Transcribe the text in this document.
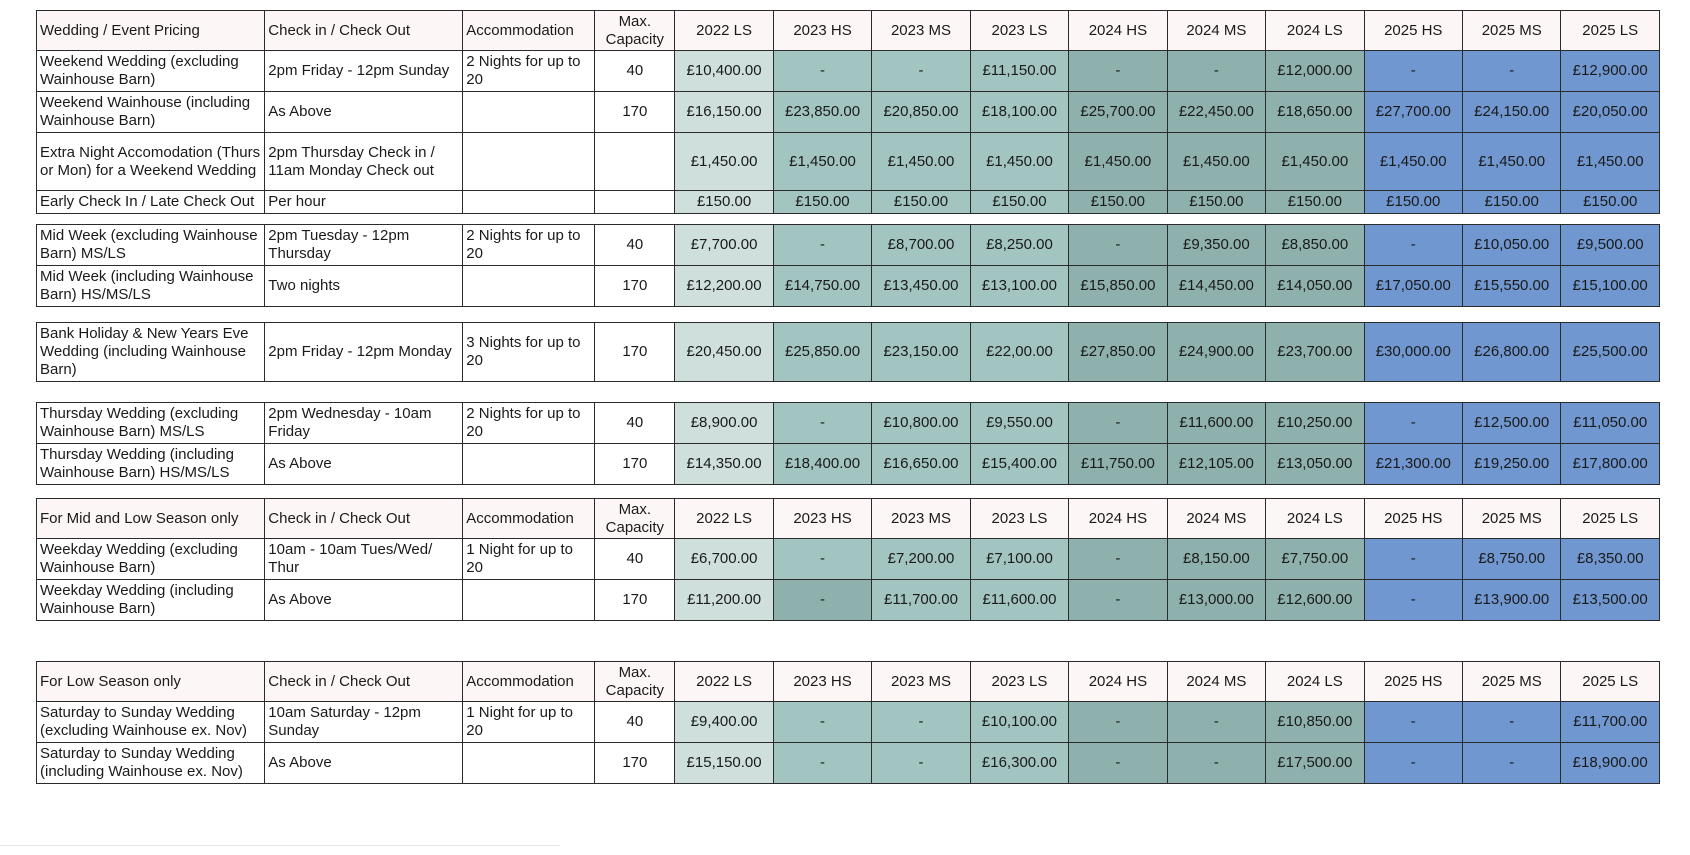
Wedding / Event Pricing	Check in / Check Out	Accommodation	Max. Capacity	2022 LS	2023 HS	2023 MS	2023 LS	2024 HS	2024 MS	2024 LS	2025 HS	2025 MS	2025 LS
Weekend Wedding (excluding Wainhouse Barn)	2pm Friday - 12pm Sunday	2 Nights for up to 20	40	£10,400.00	-	-	£11,150.00	-	-	£12,000.00	-	-	£12,900.00
Weekend Wainhouse (including Wainhouse Barn)	As Above		170	£16,150.00	£23,850.00	£20,850.00	£18,100.00	£25,700.00	£22,450.00	£18,650.00	£27,700.00	£24,150.00	£20,050.00
Extra Night Accomodation (Thurs or Mon) for a Weekend Wedding	2pm Thursday Check in / 11am Monday Check out			£1,450.00	£1,450.00	£1,450.00	£1,450.00	£1,450.00	£1,450.00	£1,450.00	£1,450.00	£1,450.00	£1,450.00
Early Check In / Late Check Out	Per hour			£150.00	£150.00	£150.00	£150.00	£150.00	£150.00	£150.00	£150.00	£150.00	£150.00
Mid Week (excluding Wainhouse Barn) MS/LS	2pm Tuesday - 12pm Thursday	2 Nights for up to 20	40	£7,700.00	-	£8,700.00	£8,250.00	-	£9,350.00	£8,850.00	-	£10,050.00	£9,500.00
Mid Week (including Wainhouse Barn) HS/MS/LS	Two nights		170	£12,200.00	£14,750.00	£13,450.00	£13,100.00	£15,850.00	£14,450.00	£14,050.00	£17,050.00	£15,550.00	£15,100.00
Bank Holiday & New Years Eve Wedding (including Wainhouse Barn)	2pm Friday - 12pm Monday	3 Nights for up to 20	170	£20,450.00	£25,850.00	£23,150.00	£22,00.00	£27,850.00	£24,900.00	£23,700.00	£30,000.00	£26,800.00	£25,500.00
Thursday Wedding (excluding Wainhouse Barn) MS/LS	2pm Wednesday - 10am Friday	2 Nights for up to 20	40	£8,900.00	-	£10,800.00	£9,550.00	-	£11,600.00	£10,250.00	-	£12,500.00	£11,050.00
Thursday Wedding (including Wainhouse Barn) HS/MS/LS	As Above		170	£14,350.00	£18,400.00	£16,650.00	£15,400.00	£11,750.00	£12,105.00	£13,050.00	£21,300.00	£19,250.00	£17,800.00
For Mid and Low Season only	Check in / Check Out	Accommodation	Max. Capacity	2022 LS	2023 HS	2023 MS	2023 LS	2024 HS	2024 MS	2024 LS	2025 HS	2025 MS	2025 LS
Weekday Wedding (excluding Wainhouse Barn)	10am - 10am Tues/Wed/ Thur	1 Night for up to 20	40	£6,700.00	-	£7,200.00	£7,100.00	-	£8,150.00	£7,750.00	-	£8,750.00	£8,350.00
Weekday Wedding (including Wainhouse Barn)	As Above		170	£11,200.00	-	£11,700.00	£11,600.00	-	£13,000.00	£12,600.00	-	£13,900.00	£13,500.00
For Low Season only	Check in / Check Out	Accommodation	Max. Capacity	2022 LS	2023 HS	2023 MS	2023 LS	2024 HS	2024 MS	2024 LS	2025 HS	2025 MS	2025 LS
Saturday to Sunday Wedding (excluding Wainhouse ex. Nov)	10am Saturday - 12pm Sunday	1 Night for up to 20	40	£9,400.00	-	-	£10,100.00	-	-	£10,850.00	-	-	£11,700.00
Saturday to Sunday Wedding (including Wainhouse ex. Nov)	As Above		170	£15,150.00	-	-	£16,300.00	-	-	£17,500.00	-	-	£18,900.00
